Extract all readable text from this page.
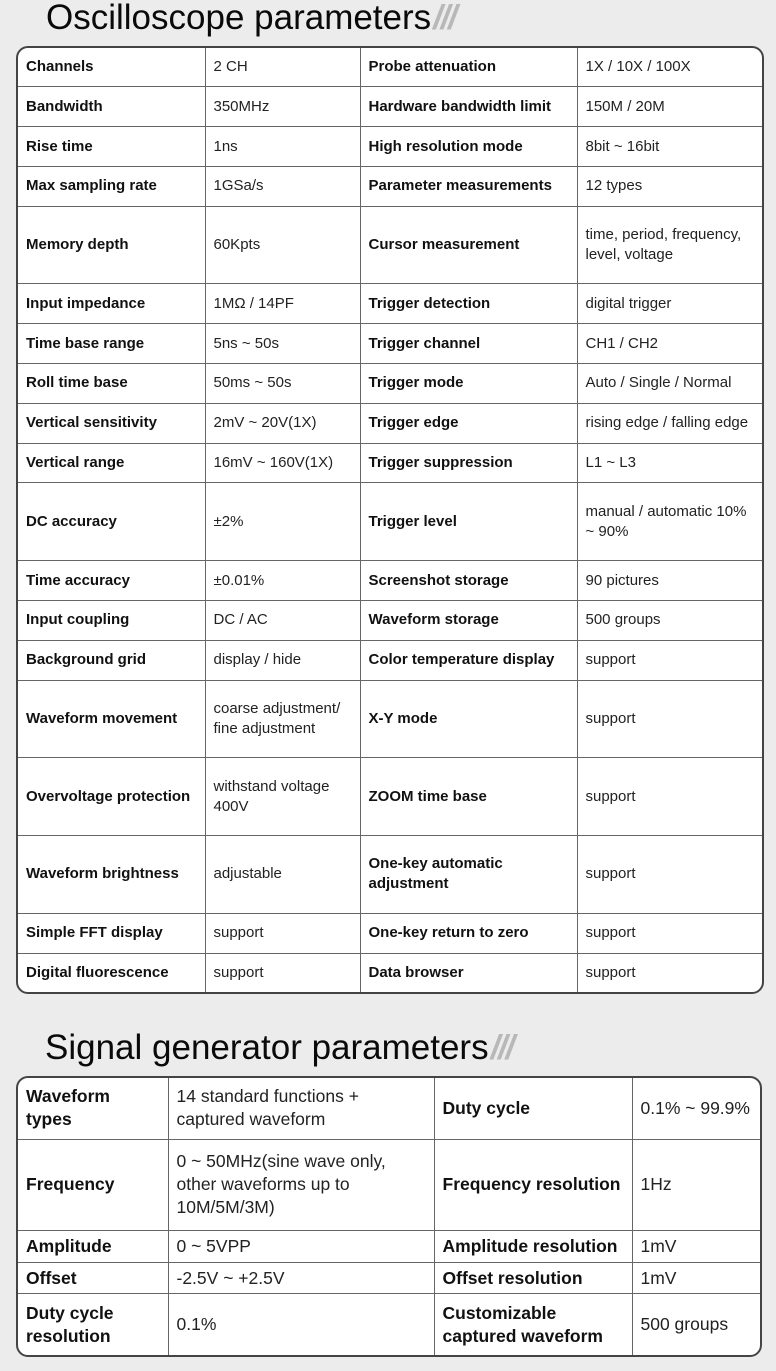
Oscilloscope parameters///
Channels	2 CH	Probe attenuation	1X / 10X / 100X
Bandwidth	350MHz	Hardware bandwidth limit	150M / 20M
Rise time	1ns	High resolution mode	8bit ~ 16bit
Max sampling rate	1GSa/s	Parameter measurements	12 types
Memory depth	60Kpts	Cursor measurement	time, period, frequency, level, voltage
Input impedance	1MΩ / 14PF	Trigger detection	digital trigger
Time base range	5ns ~ 50s	Trigger channel	CH1 / CH2
Roll time base	50ms ~ 50s	Trigger mode	Auto / Single / Normal
Vertical sensitivity	2mV ~ 20V(1X)	Trigger edge	rising edge / falling edge
Vertical range	16mV ~ 160V(1X)	Trigger suppression	L1 ~ L3
DC accuracy	±2%	Trigger level	manual / automatic 10% ~ 90%
Time accuracy	±0.01%	Screenshot storage	90 pictures
Input coupling	DC / AC	Waveform storage	500 groups
Background grid	display / hide	Color temperature display	support
Waveform movement	coarse adjustment/ fine adjustment	X-Y mode	support
Overvoltage protection	withstand voltage 400V	ZOOM time base	support
Waveform brightness	adjustable	One-key automatic adjustment	support
Simple FFT display	support	One-key return to zero	support
Digital fluorescence	support	Data browser	support
Signal generator parameters///
Waveform types	14 standard functions + captured waveform	Duty cycle	0.1% ~ 99.9%
Frequency	0 ~ 50MHz(sine wave only, other waveforms up to 10M/5M/3M)	Frequency resolution	1Hz
Amplitude	0 ~ 5VPP	Amplitude resolution	1mV
Offset	-2.5V ~ +2.5V	Offset resolution	1mV
Duty cycle resolution	0.1%	Customizable captured waveform	500 groups
